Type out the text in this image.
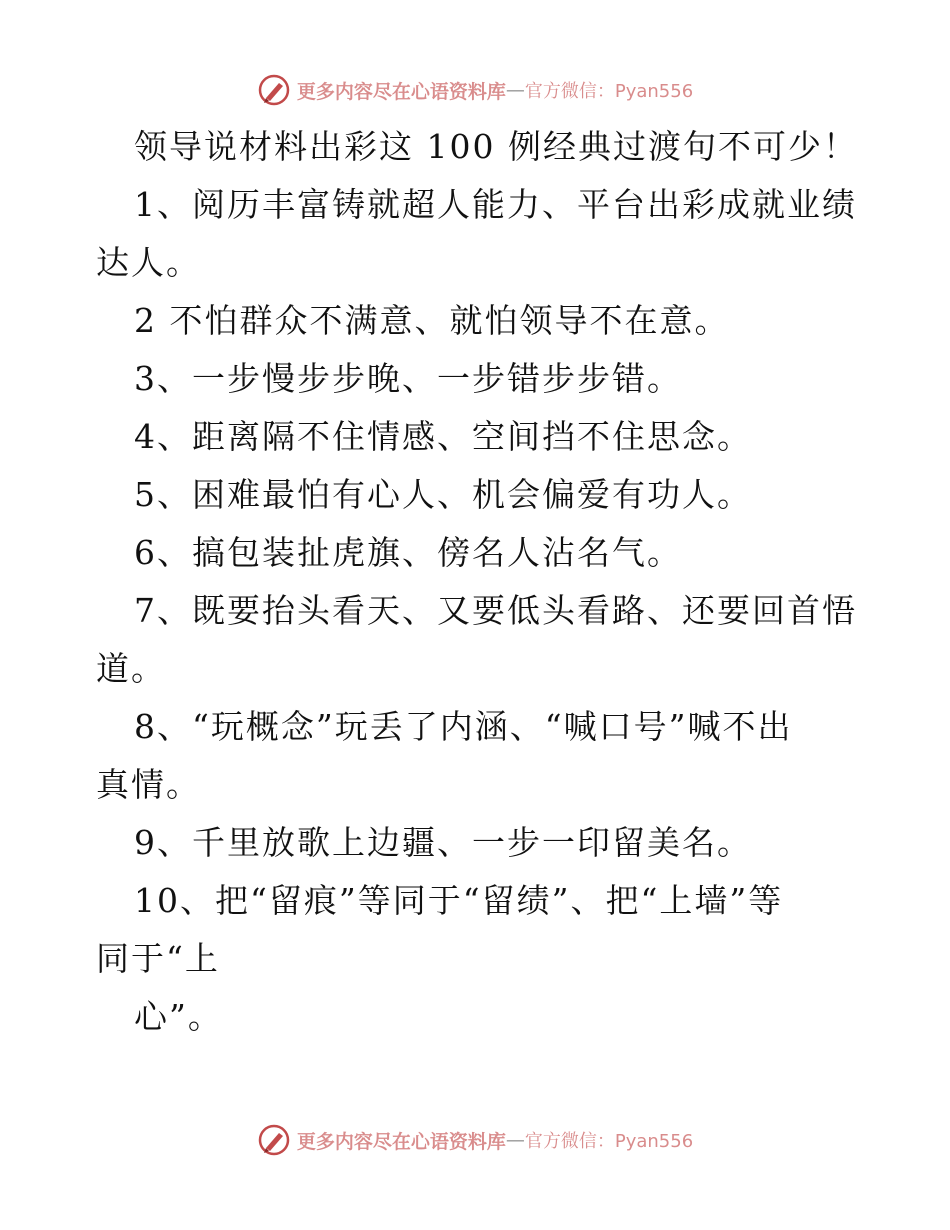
更多内容尽在心语资料库 — 官方微信：Pyan556
领导说材料出彩这 100 例经典过渡句不可少！
1、阅历丰富铸就超人能力、平台出彩成就业绩
达人。
2 不怕群众不满意、就怕领导不在意。
3、一步慢步步晚、一步错步步错。
4、距离隔不住情感、空间挡不住思念。
5、困难最怕有心人、机会偏爱有功人。
6、搞包装扯虎旗、傍名人沾名气。
7、既要抬头看天、又要低头看路、还要回首悟
道。
8、“玩概念”玩丢了内涵、“喊口号”喊不出
真情。
9、千里放歌上边疆、一步一印留美名。
10、把“留痕”等同于“留绩”、把“上墙”等
同于“上
心”。
更多内容尽在心语资料库 — 官方微信：Pyan556
